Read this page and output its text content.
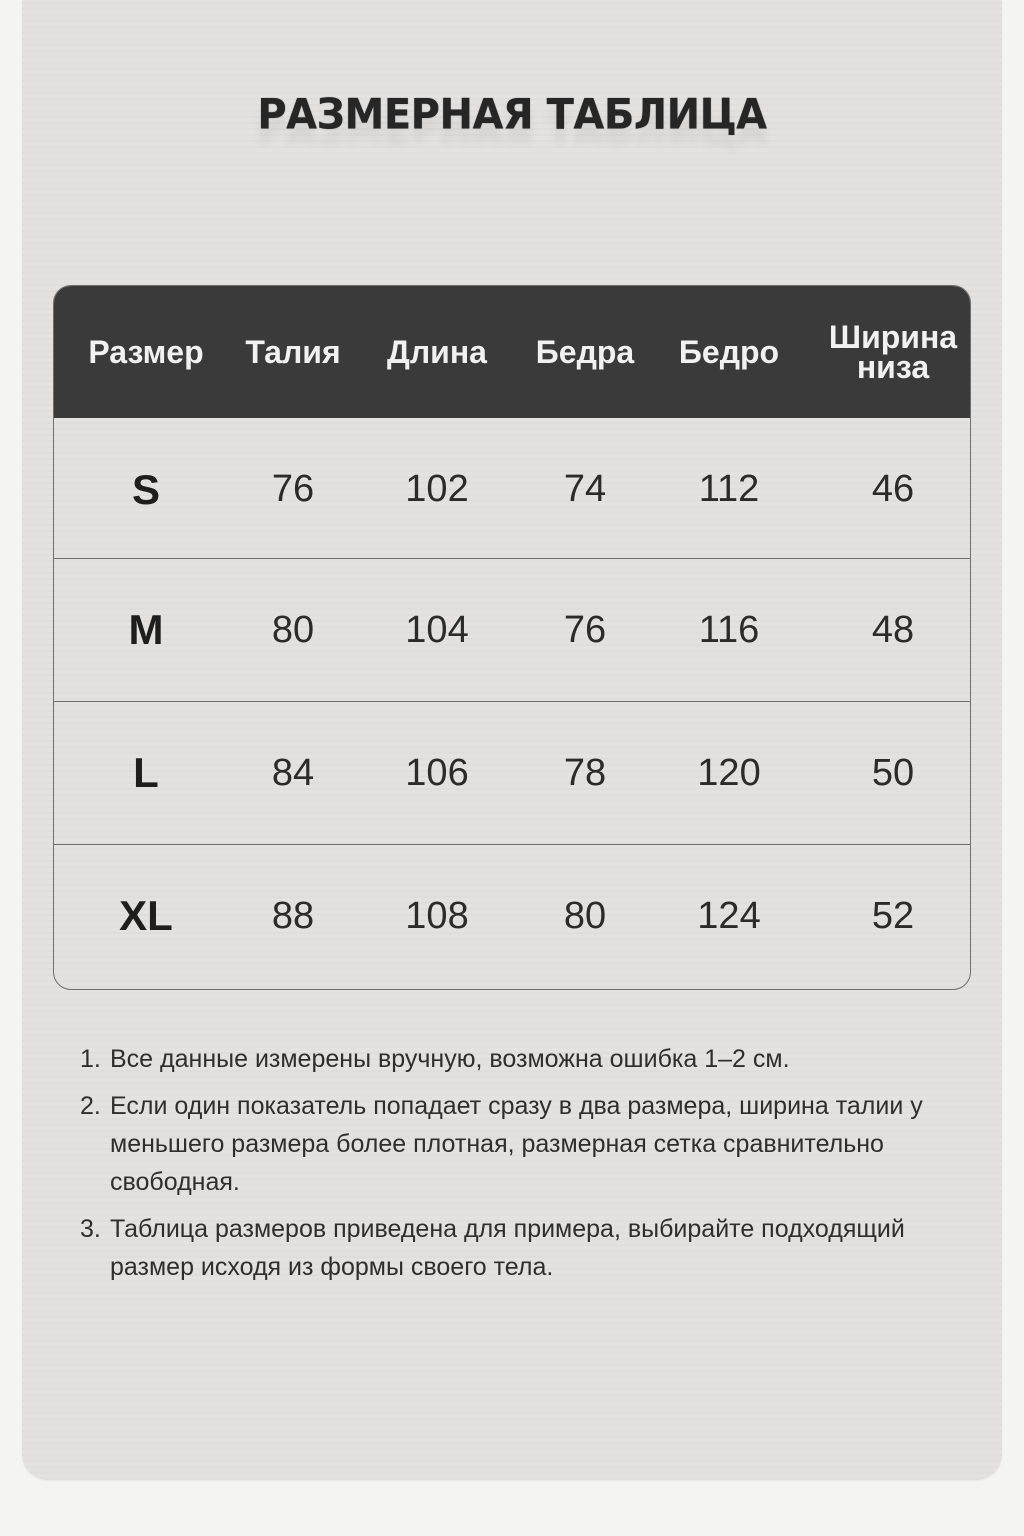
РАЗМЕРНАЯ ТАБЛИЦА
Размер	Талия	Длина	Бедра	Бедро	Ширина
низа
S	76	102	74	112	46
M	80	104	76	116	48
L	84	106	78	120	50
XL	88	108	80	124	52
1. Все данные измерены вручную, возможна ошибка 1–2 см.
2. Если один показатель попадает сразу в два размера, ширина талии у меньшего размера более плотная, размерная сетка сравнительно свободная.
3. Таблица размеров приведена для примера, выбирайте подходящий размер исходя из формы своего тела.
